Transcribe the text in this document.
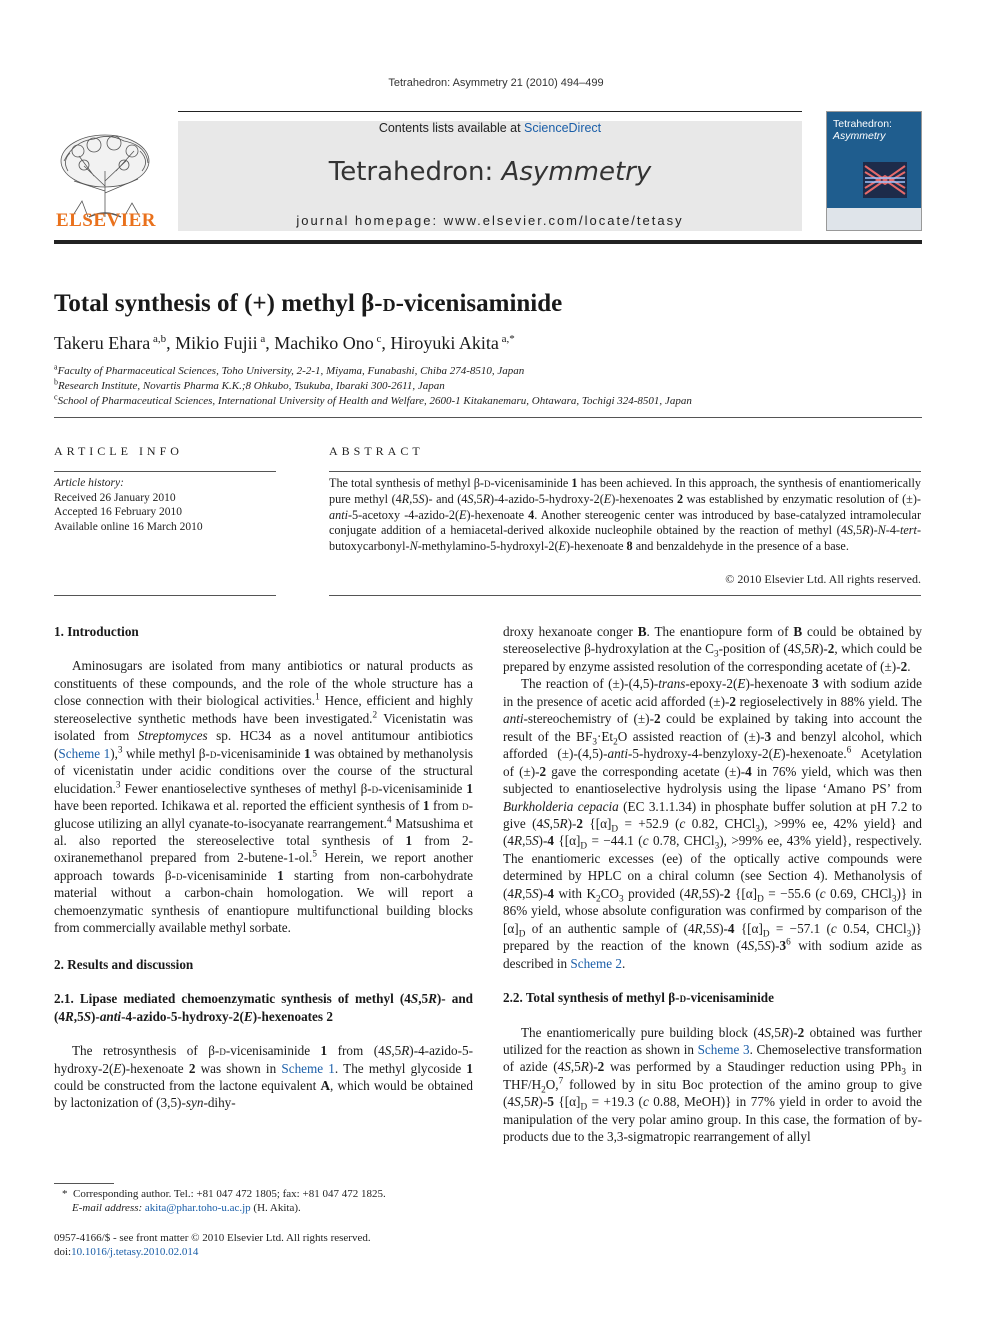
Tetrahedron: Asymmetry 21 (2010) 494–499
ELSEVIER
Contents lists available at ScienceDirect
Tetrahedron: Asymmetry
journal homepage: www.elsevier.com/locate/tetasy
Tetrahedron:
Asymmetry
Total synthesis of (+) methyl β-d-vicenisaminide
Takeru Ehara $^{a,b}$, Mikio Fujii $^a$, Machiko Ono $^c$, Hiroyuki Akita $^{a,*}$
$^a$Faculty of Pharmaceutical Sciences, Toho University, 2-2-1, Miyama, Funabashi, Chiba 274-8510, Japan
$^b$Research Institute, Novartis Pharma K.K.;8 Ohkubo, Tsukuba, Ibaraki 300-2611, Japan
$^c$School of Pharmaceutical Sciences, International University of Health and Welfare, 2600-1 Kitakanemaru, Ohtawara, Tochigi 324-8501, Japan
ARTICLE INFO
Article history:
Received 26 January 2010
Accepted 16 February 2010
Available online 16 March 2010
ABSTRACT
The total synthesis of methyl β-d-vicenisaminide 1 has been achieved. In this approach, the synthesis of enantiomerically pure methyl (4R,5S)- and (4S,5R)-4-azido-5-hydroxy-2(E)-hexenoates 2 was established by enzymatic resolution of (±)-anti-5-acetoxy -4-azido-2(E)-hexenoate 4. Another stereogenic center was introduced by base-catalyzed intramolecular conjugate addition of a hemiacetal-derived alkoxide nucleophile obtained by the reaction of methyl (4S,5R)-N-4-tert-butoxycarbonyl-N-methylamino-5-hydroxyl-2(E)-hexenoate 8 and benzaldehyde in the presence of a base.
© 2010 Elsevier Ltd. All rights reserved.
1. Introduction

Aminosugars are isolated from many antibiotics or natural products as constituents of these compounds, and the role of the whole structure has a close connection with their biological activities.$^1$ Hence, efficient and highly stereoselective synthetic methods have been investigated.$^2$ Vicenistatin was isolated from Streptomyces sp. HC34 as a novel antitumour antibiotics (Scheme 1),$^3$ while methyl β-d-vicenisaminide 1 was obtained by methanolysis of vicenistatin under acidic conditions over the course of the structural elucidation.$^3$ Fewer enantioselective syntheses of methyl β-d-vicenisaminide 1 have been reported. Ichikawa et al. reported the efficient synthesis of 1 from d-glucose utilizing an allyl cyanate-to-isocyanate rearrangement.$^4$ Matsushima et al. also reported the stereoselective total synthesis of 1 from 2-oxiranemethanol prepared from 2-butene-1-ol.$^5$ Herein, we report another approach towards β-d-vicenisaminide 1 starting from non-carbohydrate material without a carbon-chain homologation. We will report a chemoenzymatic synthesis of enantiopure multifunctional building blocks from commercially available methyl sorbate.

2. Results and discussion
2.1. Lipase mediated chemoenzymatic synthesis of methyl (4S,5R)- and (4R,5S)-anti-4-azido-5-hydroxy-2(E)-hexenoates 2

The retrosynthesis of β-d-vicenisaminide 1 from (4S,5R)-4-azido-5-hydroxy-2(E)-hexenoate 2 was shown in Scheme 1. The methyl glycoside 1 could be constructed from the lactone equivalent A, which would be obtained by lactonization of (3,5)-syn-dihy-

*  Corresponding author. Tel.: +81 047 472 1805; fax: +81 047 472 1825.
E-mail address: akita@phar.toho-u.ac.jp (H. Akita).
0957-4166/$ - see front matter © 2010 Elsevier Ltd. All rights reserved.
doi:10.1016/j.tetasy.2010.02.014

droxy hexanoate conger B. The enantiopure form of B could be obtained by stereoselective β-hydroxylation at the $C_3$-position of (4S,5R)-2, which could be prepared by enzyme assisted resolution of the corresponding acetate of (±)-2.

The reaction of (±)-(4,5)-trans-epoxy-2(E)-hexenoate 3 with sodium azide in the presence of acetic acid afforded (±)-2 regioselectively in 88% yield. The anti-stereochemistry of (±)-2 could be explained by taking into account the result of the $BF_3\cdot Et_2O$ assisted reaction of (±)-3 and benzyl alcohol, which afforded (±)-(4,5)-anti-5-hydroxy-4-benzyloxy-2(E)-hexenoate.$^6$ Acetylation of (±)-2 gave the corresponding acetate (±)-4 in 76% yield, which was then subjected to enantioselective hydrolysis using the lipase ‘Amano PS’ from Burkholderia cepacia (EC 3.1.1.34) in phosphate buffer solution at pH 7.2 to give (4S,5R)-2 {$[\alpha]_D = +52.9$ (c 0.82, CHCl$_3$), >99% ee, 42% yield} and (4R,5S)-4 {$[\alpha]_D = -44.1$ (c 0.78, CHCl$_3$), >99% ee, 43% yield}, respectively. The enantiomeric excesses (ee) of the optically active compounds were determined by HPLC on a chiral column (see Section 4). Methanolysis of (4R,5S)-4 with $K_2CO_3$ provided (4R,5S)-2 {$[\alpha]_D = -55.6$ (c 0.69, CHCl$_3$)} in 86% yield, whose absolute configuration was confirmed by comparison of the $[\alpha]_D$ of an authentic sample of (4R,5S)-4 {$[\alpha]_D = -57.1$ (c 0.54, CHCl$_3$)} prepared by the reaction of the known $(4S,5S)-3^6$ with sodium azide as described in Scheme 2.

2.2. Total synthesis of methyl β-d-vicenisaminide

The enantiomerically pure building block (4S,5R)-2 obtained was further utilized for the reaction as shown in Scheme 3. Chemoselective transformation of azide (4S,5R)-2 was performed by a Staudinger reduction using PPh$_3$ in THF/$H_2O,^7$ followed by in situ Boc protection of the amino group to give (4S,5R)-5 {$[\alpha]_D = +19.3$ (c 0.88, MeOH)} in 77% yield in order to avoid the manipulation of the very polar amino group. In this case, the formation of by-products due to the 3,3-sigmatropic rearrangement of allyl
